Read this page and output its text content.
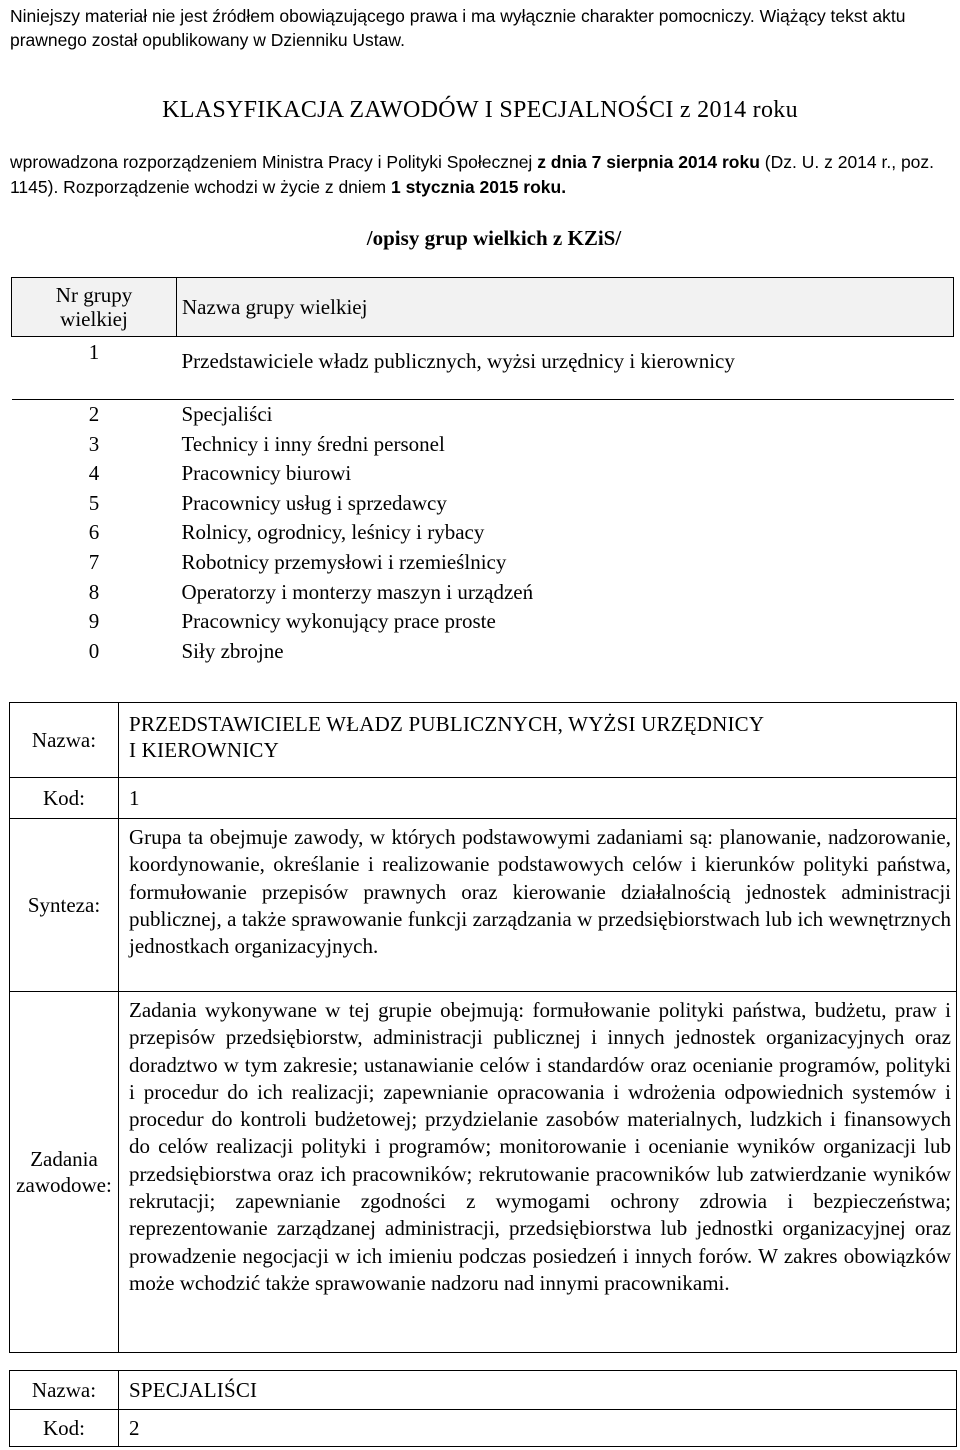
Niniejszy materiał nie jest źródłem obowiązującego prawa i ma wyłącznie charakter pomocniczy. Wiążący tekst aktu prawnego został opublikowany w Dzienniku Ustaw.
KLASYFIKACJA ZAWODÓW I SPECJALNOŚCI z 2014 roku
wprowadzona rozporządzeniem Ministra Pracy i Polityki Społecznej z dnia 7 sierpnia 2014 roku (Dz. U. z 2014 r., poz. 1145). Rozporządzenie wchodzi w życie z dniem 1 stycznia 2015 roku.
/opisy grup wielkich z KZiS/
Nr grupy
wielkiej	Nazwa grupy wielkiej
1	Przedstawiciele władz publicznych, wyżsi urzędnicy i kierownicy
2	Specjaliści
3	Technicy i inny średni personel
4	Pracownicy biurowi
5	Pracownicy usług i sprzedawcy
6	Rolnicy, ogrodnicy, leśnicy i rybacy
7	Robotnicy przemysłowi i rzemieślnicy
8	Operatorzy i monterzy maszyn i urządzeń
9	Pracownicy wykonujący prace proste
0	Siły zbrojne
Nazwa:	PRZEDSTAWICIELE WŁADZ PUBLICZNYCH, WYŻSI URZĘDNICY
I KIEROWNICY
Kod:	1
Synteza:	Grupa ta obejmuje zawody, w których podstawowymi zadaniami są: planowanie, nadzorowanie, koordynowanie, określanie i realizowanie podstawowych celów i kierunków polityki państwa, formułowanie przepisów prawnych oraz kierowanie działalnością jednostek administracji publicznej, a także sprawowanie funkcji zarządzania w przedsiębiorstwach lub ich wewnętrznych jednostkach organizacyjnych.
Zadania
zawodowe:	Zadania wykonywane w tej grupie obejmują: formułowanie polityki państwa, budżetu, praw i przepisów przedsiębiorstw, administracji publicznej i innych jednostek organizacyjnych oraz doradztwo w tym zakresie; ustanawianie celów i standardów oraz ocenianie programów, polityki i procedur do ich realizacji; zapewnianie opracowania i wdrożenia odpowiednich systemów i procedur do kontroli budżetowej; przydzielanie zasobów materialnych, ludzkich i finansowych do celów realizacji polityki i programów; monitorowanie i ocenianie wyników organizacji lub przedsiębiorstwa oraz ich pracowników; rekrutowanie pracowników lub zatwierdzanie wyników rekrutacji; zapewnianie zgodności z wymogami ochrony zdrowia i bezpieczeństwa; reprezentowanie zarządzanej administracji, przedsiębiorstwa lub jednostki organizacyjnej oraz prowadzenie negocjacji w ich imieniu podczas posiedzeń i innych forów. W zakres obowiązków może wchodzić także sprawowanie nadzoru nad innymi pracownikami.
Nazwa:	SPECJALIŚCI
Kod:	2
